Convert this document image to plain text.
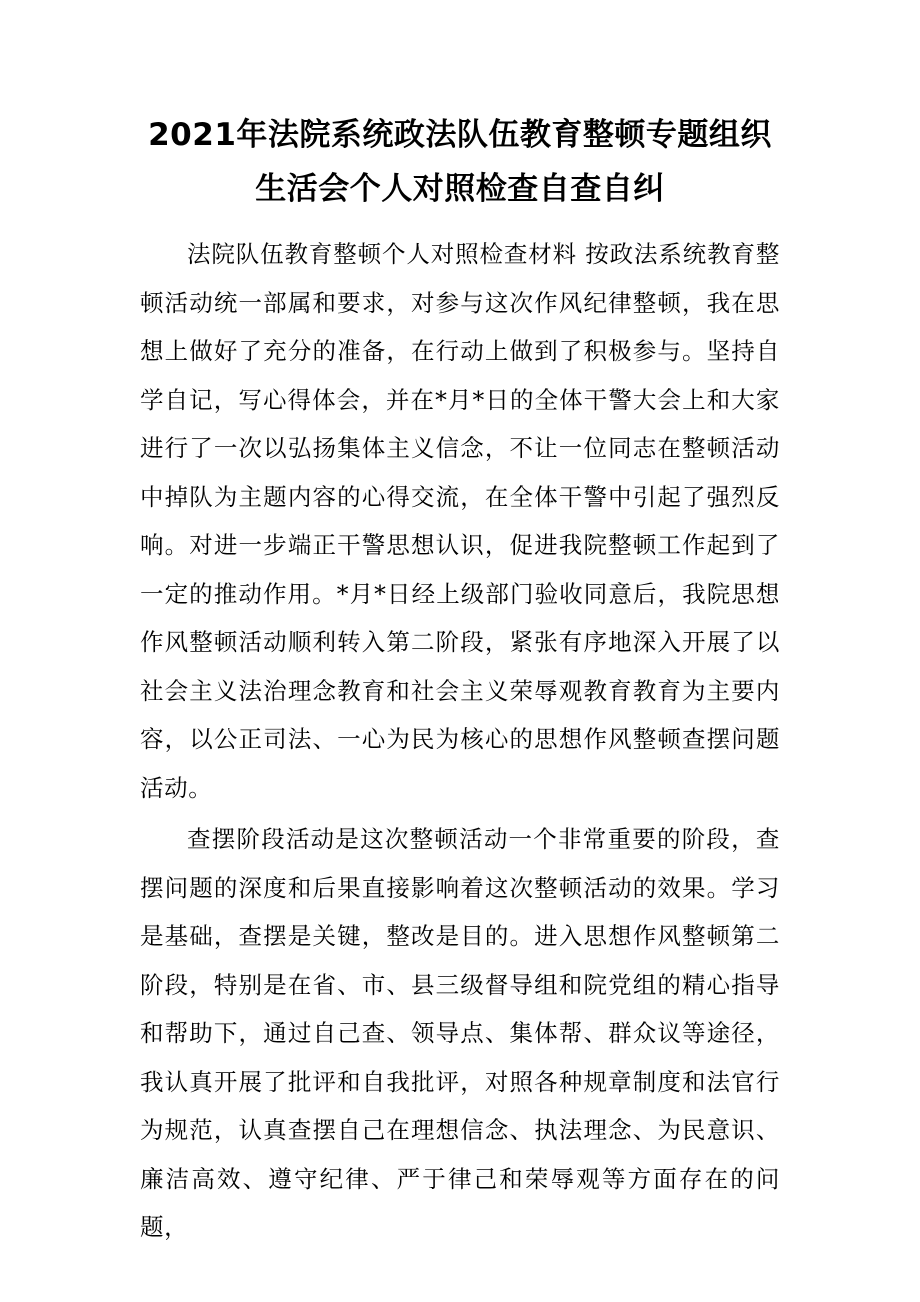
2021年法院系统政法队伍教育整顿专题组织
生活会个人对照检查自查自纠

法院队伍教育整顿个人对照检查材料 按政法系统教育整顿活动统一部属和要求，对参与这次作风纪律整顿，我在思想上做好了充分的准备，在行动上做到了积极参与。坚持自学自记，写心得体会，并在*月*日的全体干警大会上和大家进行了一次以弘扬集体主义信念，不让一位同志在整顿活动中掉队为主题内容的心得交流，在全体干警中引起了强烈反响。对进一步端正干警思想认识，促进我院整顿工作起到了一定的推动作用。*月*日经上级部门验收同意后，我院思想作风整顿活动顺利转入第二阶段，紧张有序地深入开展了以社会主义法治理念教育和社会主义荣辱观教育教育为主要内容，以公正司法、一心为民为核心的思想作风整顿查摆问题活动。

查摆阶段活动是这次整顿活动一个非常重要的阶段，查摆问题的深度和后果直接影响着这次整顿活动的效果。学习是基础，查摆是关键，整改是目的。进入思想作风整顿第二阶段，特别是在省、市、县三级督导组和院党组的精心指导和帮助下，通过自己查、领导点、集体帮、群众议等途径，我认真开展了批评和自我批评，对照各种规章制度和法官行为规范，认真查摆自己在理想信念、执法理念、为民意识、廉洁高效、遵守纪律、严于律己和荣辱观等方面存在的问题，
